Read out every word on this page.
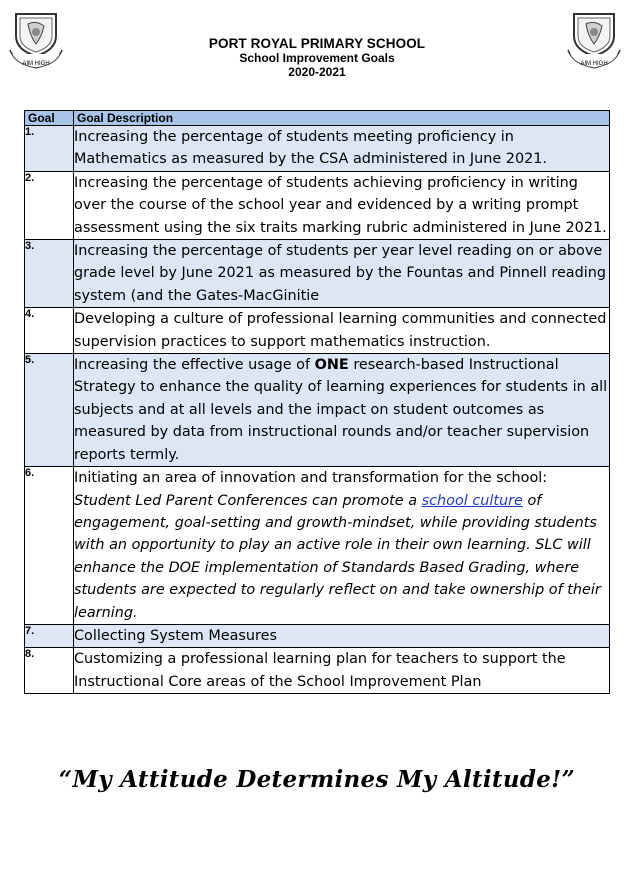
AIM HIGH	AIM HIGH
PORT ROYAL PRIMARY SCHOOL
School Improvement Goals
2020-2021
Goal	Goal Description
1.	Increasing the percentage of students meeting proficiency in Mathematics as measured by the CSA administered in June 2021.
2.	Increasing the percentage of students achieving proficiency in writing over the course of the school year and evidenced by a writing prompt assessment using the six traits marking rubric administered in June 2021.
3.	Increasing the percentage of students per year level reading on or above grade level by June 2021 as measured by the Fountas and Pinnell reading system (and the Gates-MacGinitie
4.	Developing a culture of professional learning communities and connected supervision practices to support mathematics instruction.
5.	Increasing the effective usage of ONE research-based Instructional Strategy to enhance the quality of learning experiences for students in all subjects and at all levels and the impact on student outcomes as measured by data from instructional rounds and/or teacher supervision reports termly.
6.	Initiating an area of innovation and transformation for the school:
Student Led Parent Conferences can promote a school culture of engagement, goal-setting and growth-mindset, while providing students with an opportunity to play an active role in their own learning. SLC will enhance the DOE implementation of Standards Based Grading, where students are expected to regularly reflect on and take ownership of their learning.
7.	Collecting System Measures
8.	Customizing a professional learning plan for teachers to support the Instructional Core areas of the School Improvement Plan
“My Attitude Determines My Altitude!”
